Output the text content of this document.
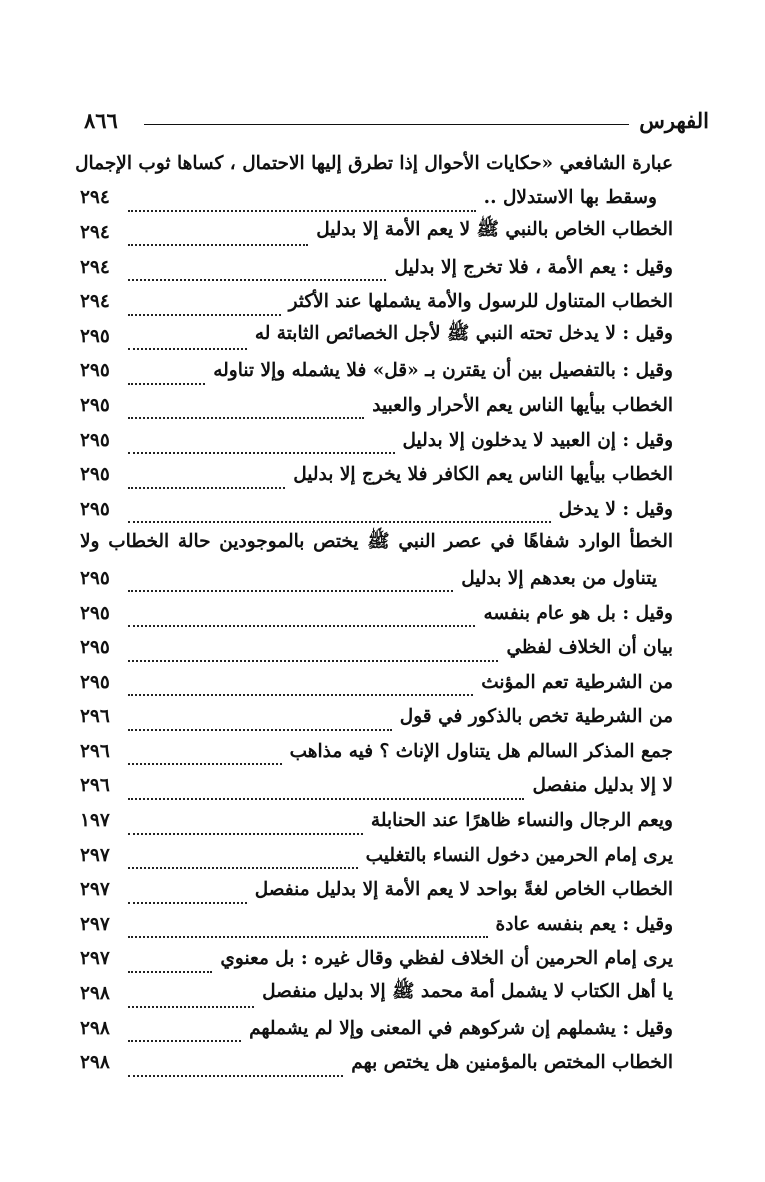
٨٦٦	الفهرس
عبارة الشافعي «حكايات الأحوال إذا تطرق إليها الاحتمال ، كساها ثوب الإجمال
وسقط بها الاستدلال ..
٢٩٤
الخطاب الخاص بالنبي ﷺ لا يعم الأمة إلا بدليل
٢٩٤
وقيل : يعم الأمة ، فلا تخرج إلا بدليل
٢٩٤
الخطاب المتناول للرسول والأمة يشملها عند الأكثر
٢٩٤
وقيل : لا يدخل تحته النبي ﷺ لأجل الخصائص الثابتة له
٢٩٥
وقيل : بالتفصيل بين أن يقترن بـ «قل» فلا يشمله وإلا تناوله
٢٩٥
الخطاب بيأيها الناس يعم الأحرار والعبيد
٢٩٥
وقيل : إن العبيد لا يدخلون إلا بدليل
٢٩٥
الخطاب بيأيها الناس يعم الكافر فلا يخرج إلا بدليل
٢٩٥
وقيل : لا يدخل
٢٩٥
الخطأ الوارد شفاهًا في عصر النبي ﷺ يختص بالموجودين حالة الخطاب ولا
يتناول من بعدهم إلا بدليل
٢٩٥
وقيل : بل هو عام بنفسه
٢٩٥
بيان أن الخلاف لفظي
٢٩٥
من الشرطية تعم المؤنث
٢٩٥
من الشرطية تخص بالذكور في قول
٢٩٦
جمع المذكر السالم هل يتناول الإناث ؟ فيه مذاهب
٢٩٦
لا إلا بدليل منفصل
٢٩٦
ويعم الرجال والنساء ظاهرًا عند الحنابلة
١٩٧
يرى إمام الحرمين دخول النساء بالتغليب
٢٩٧
الخطاب الخاص لغةً بواحد لا يعم الأمة إلا بدليل منفصل
٢٩٧
وقيل : يعم بنفسه عادة
٢٩٧
يرى إمام الحرمين أن الخلاف لفظي وقال غيره : بل معنوي
٢٩٧
يا أهل الكتاب لا يشمل أمة محمد ﷺ إلا بدليل منفصل
٢٩٨
وقيل : يشملهم إن شركوهم في المعنى وإلا لم يشملهم
٢٩٨
الخطاب المختص بالمؤمنين هل يختص بهم
٢٩٨
